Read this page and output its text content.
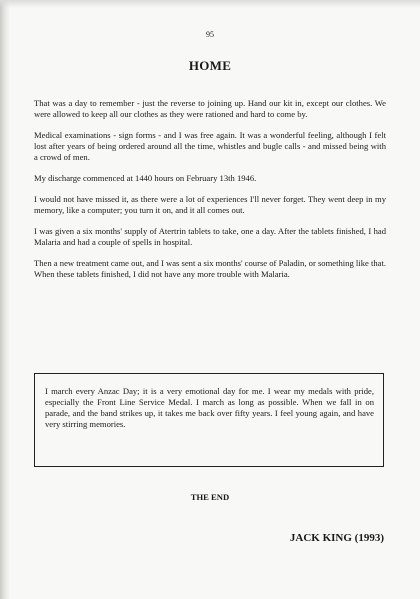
95
HOME

That was a day to remember - just the reverse to joining up. Hand our kit in, except our clothes. We were allowed to keep all our clothes as they were rationed and hard to come by.

Medical examinations - sign forms - and I was free again. It was a wonderful feeling, although I felt lost after years of being ordered around all the time, whistles and bugle calls - and missed being with a crowd of men.

My discharge commenced at 1440 hours on February 13th 1946.

I would not have missed it, as there were a lot of experiences I'll never forget. They went deep in my memory, like a computer; you turn it on, and it all comes out.

I was given a six months' supply of Atertrin tablets to take, one a day. After the tablets finished, I had Malaria and had a couple of spells in hospital.

Then a new treatment came out, and I was sent a six months' course of Paladin, or something like that. When these tablets finished, I did not have any more trouble with Malaria.

I march every Anzac Day; it is a very emotional day for me. I wear my medals with pride, especially the Front Line Service Medal. I march as long as possible. When we fall in on parade, and the band strikes up, it takes me back over fifty years. I feel young again, and have very stirring memories.

THE END
JACK KING (1993)
